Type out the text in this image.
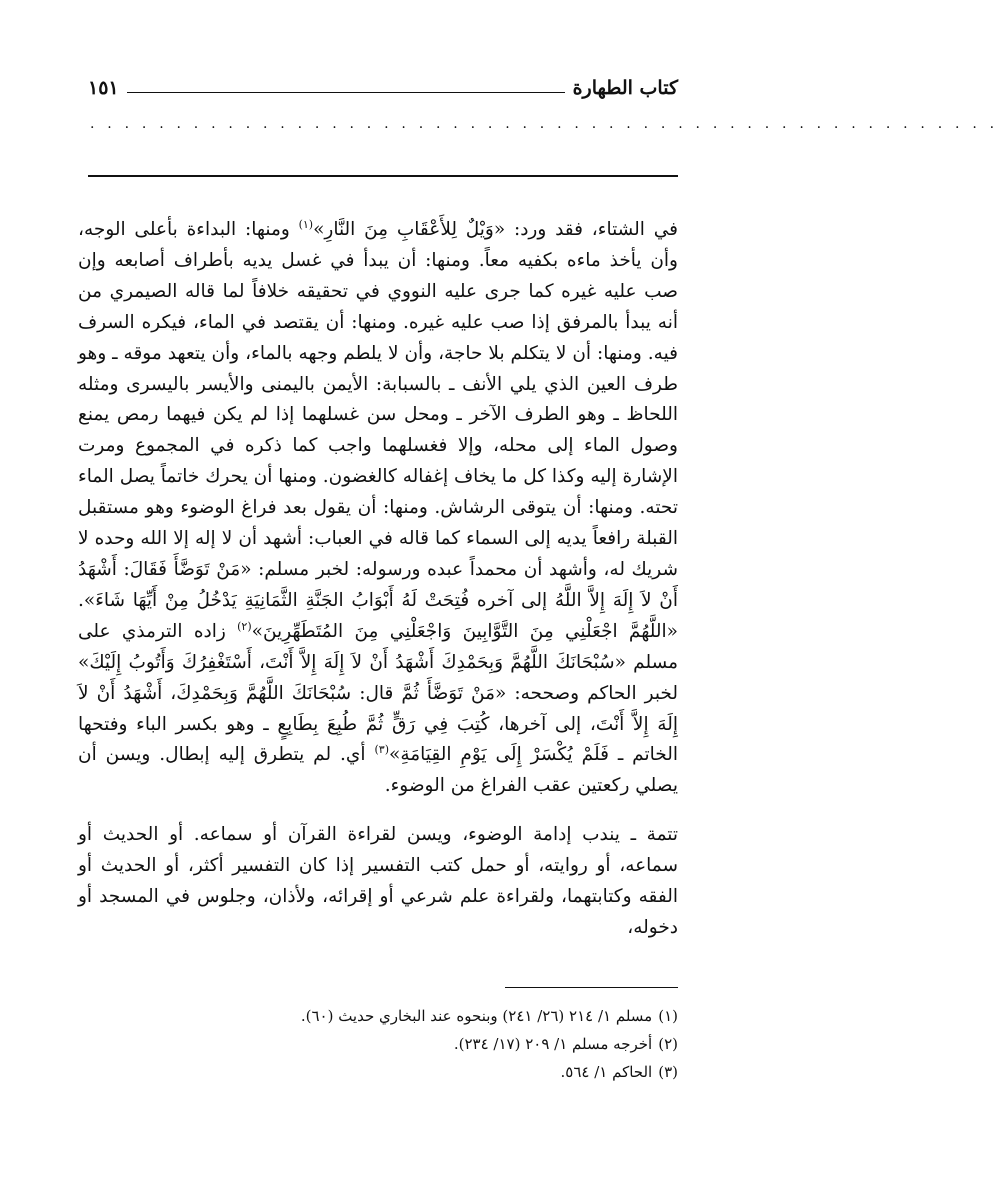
كتاب الطهارة
١٥١
. . . . . . . . . . . . . . . . . . . . . . . . . . . . . . . . . . . . . . . . . . . . . . . . . . . . .

في الشتاء، فقد ورد: «وَيْلٌ لِلأَعْقَابِ مِنَ النَّارِ»$^{(١)}$ ومنها: البداءة بأعلى الوجه، وأن يأخذ ماءه بكفيه معاً. ومنها: أن يبدأ في غسل يديه بأطراف أصابعه وإن صب عليه غيره كما جرى عليه النووي في تحقيقه خلافاً لما قاله الصيمري من أنه يبدأ بالمرفق إذا صب عليه غيره. ومنها: أن يقتصد في الماء، فيكره السرف فيه. ومنها: أن لا يتكلم بلا حاجة، وأن لا يلطم وجهه بالماء، وأن يتعهد موقه ـ وهو طرف العين الذي يلي الأنف ـ بالسبابة: الأيمن باليمنى والأيسر باليسرى ومثله اللحاظ ـ وهو الطرف الآخر ـ ومحل سن غسلهما إذا لم يكن فيهما رمص يمنع وصول الماء إلى محله، وإلا فغسلهما واجب كما ذكره في المجموع ومرت الإشارة إليه وكذا كل ما يخاف إغفاله كالغضون. ومنها أن يحرك خاتماً يصل الماء تحته. ومنها: أن يتوقى الرشاش. ومنها: أن يقول بعد فراغ الوضوء وهو مستقبل القبلة رافعاً يديه إلى السماء كما قاله في العباب: أشهد أن لا إله إلا الله وحده لا شريك له، وأشهد أن محمداً عبده ورسوله: لخبر مسلم: «مَنْ تَوَضَّأَ فَقَالَ: أَشْهَدُ أَنْ لاَ إِلَهَ إِلاَّ اللَّهُ إلى آخره فُتِحَتْ لَهُ أَبْوَابُ الجَنَّةِ الثَّمَانِيَةِ يَدْخُلُ مِنْ أَيِّهَا شَاءَ». «اللَّهُمَّ اجْعَلْنِي مِنَ التَّوَّابِينَ وَاجْعَلْنِي مِنَ المُتَطَهِّرِينَ»$^{(٢)}$ زاده الترمذي على مسلم «سُبْحَانَكَ اللَّهُمَّ وَبِحَمْدِكَ أَشْهَدُ أَنْ لاَ إِلَهَ إِلاَّ أَنْتَ، أَسْتَغْفِرُكَ وَأَتُوبُ إِلَيْكَ» لخبر الحاكم وصححه: «مَنْ تَوَضَّأَ ثُمَّ قال: سُبْحَانَكَ اللَّهُمَّ وَبِحَمْدِكَ، أَشْهَدُ أَنْ لاَ إِلَهَ إِلاَّ أَنْتَ، إلى آخرها، كُتِبَ فِي رَقٍّ ثُمَّ طُبِعَ بِطَابِعٍ ـ وهو بكسر الباء وفتحها الخاتم ـ فَلَمْ يُكْسَرْ إِلَى يَوْمِ القِيَامَةِ»$^{(٣)}$ أي. لم يتطرق إليه إبطال. ويسن أن يصلي ركعتين عقب الفراغ من الوضوء.

تتمة ـ يندب إدامة الوضوء، ويسن لقراءة القرآن أو سماعه. أو الحديث أو سماعه، أو روايته، أو حمل كتب التفسير إذا كان التفسير أكثر، أو الحديث أو الفقه وكتابتهما، ولقراءة علم شرعي أو إقرائه، ولأذان، وجلوس في المسجد أو دخوله،

(١)مسلم ١/ ٢١٤ (٢٦/ ٢٤١) وبنحوه عند البخاري حديث (٦٠).

(٢)أخرجه مسلم ١/ ٢٠٩ (١٧/ ٢٣٤).

(٣)الحاكم ١/ ٥٦٤.
